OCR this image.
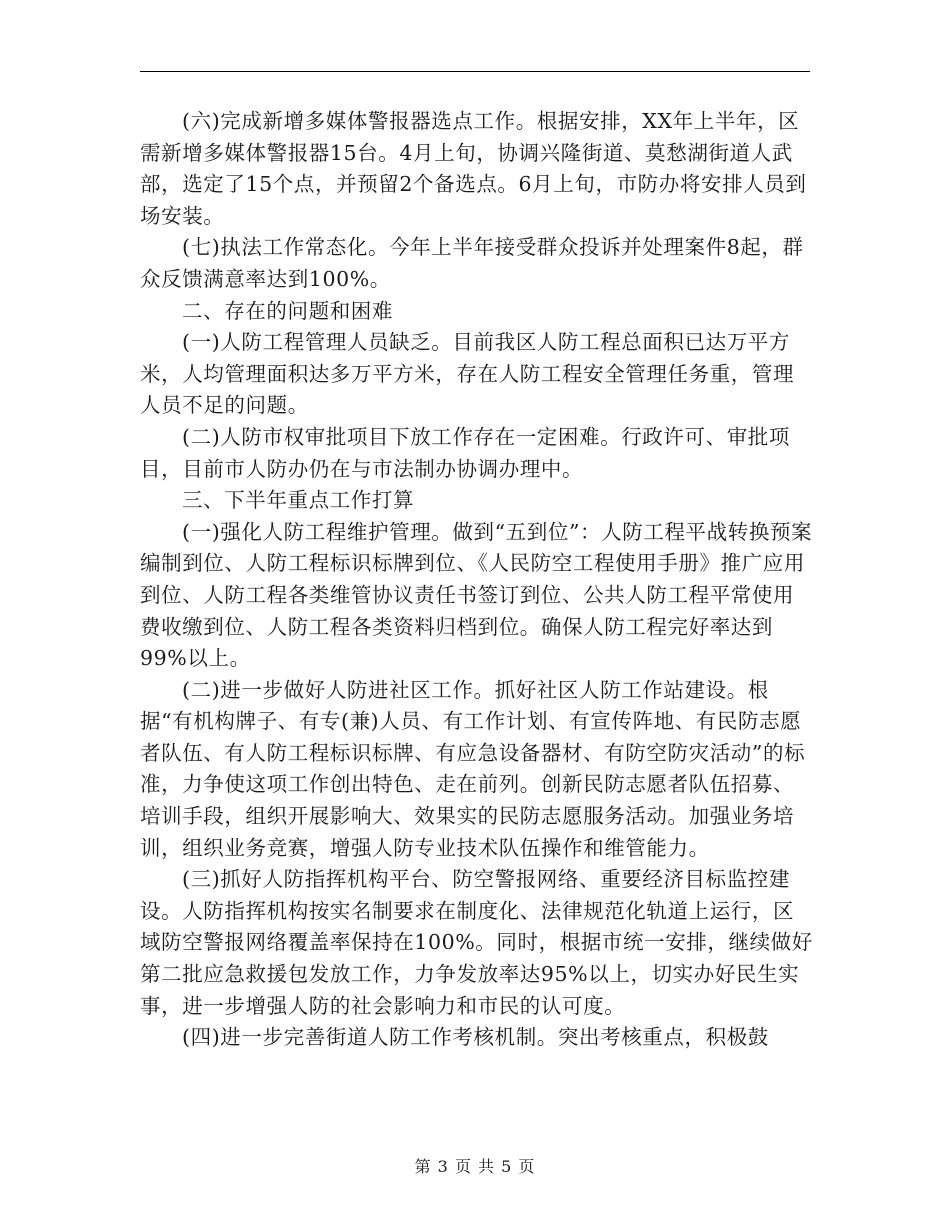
(六)完成新增多媒体警报器选点工作。根据安排，XX年上半年，区需新增多媒体警报器15台。4月上旬，协调兴隆街道、莫愁湖街道人武部，选定了15个点，并预留2个备选点。6月上旬，市防办将安排人员到场安装。

(七)执法工作常态化。今年上半年接受群众投诉并处理案件8起，群众反馈满意率达到100%。

二、存在的问题和困难

(一)人防工程管理人员缺乏。目前我区人防工程总面积已达万平方米，人均管理面积达多万平方米，存在人防工程安全管理任务重，管理人员不足的问题。

(二)人防市权审批项目下放工作存在一定困难。行政许可、审批项目，目前市人防办仍在与市法制办协调办理中。

三、下半年重点工作打算

(一)强化人防工程维护管理。做到“五到位”：人防工程平战转换预案编制到位、人防工程标识标牌到位、《人民防空工程使用手册》推广应用到位、人防工程各类维管协议责任书签订到位、公共人防工程平常使用费收缴到位、人防工程各类资料归档到位。确保人防工程完好率达到99%以上。

(二)进一步做好人防进社区工作。抓好社区人防工作站建设。根据“有机构牌子、有专(兼)人员、有工作计划、有宣传阵地、有民防志愿者队伍、有人防工程标识标牌、有应急设备器材、有防空防灾活动”的标准，力争使这项工作创出特色、走在前列。创新民防志愿者队伍招募、培训手段，组织开展影响大、效果实的民防志愿服务活动。加强业务培训，组织业务竞赛，增强人防专业技术队伍操作和维管能力。

(三)抓好人防指挥机构平台、防空警报网络、重要经济目标监控建设。人防指挥机构按实名制要求在制度化、法律规范化轨道上运行，区域防空警报网络覆盖率保持在100%。同时，根据市统一安排，继续做好第二批应急救援包发放工作，力争发放率达95%以上，切实办好民生实事，进一步增强人防的社会影响力和市民的认可度。

(四)进一步完善街道人防工作考核机制。突出考核重点，积极鼓

第 3 页 共 5 页
